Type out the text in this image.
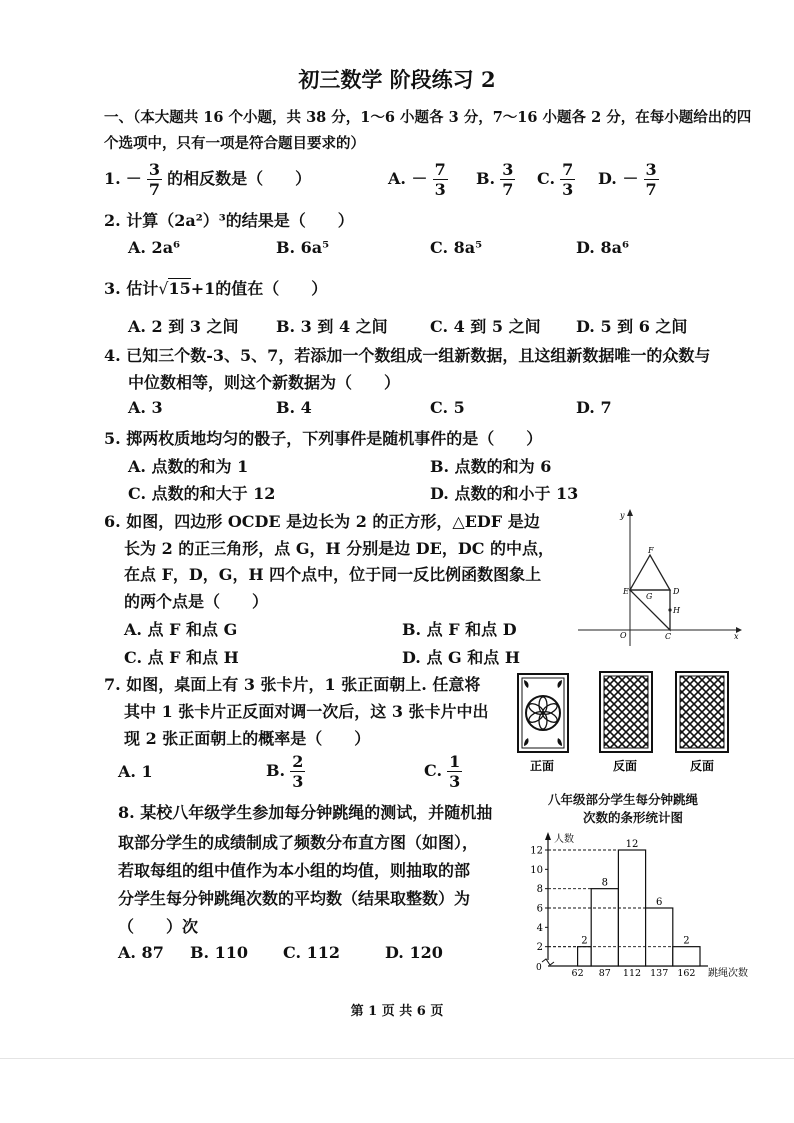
初三数学 阶段练习 2
一、（本大题共 16 个小题，共 38 分，1～6 小题各 3 分，7～16 小题各 2 分，在每小题给出的四
个选项中，只有一项是符合题目要求的）
1. － $\frac{3}{7}$ 的相反数是（　　）	A. － $\frac{7}{3} B$. $\frac{3}{7} C$. $\frac{7}{3} D$. － $\frac{3}{7}$
2. 计算（2a²）³的结果是（　　）
A. 2a⁶	B. 6a⁵	C. 8a⁵	D. 8a⁶
3. 估计√15+1的值在（　　）
A. 2 到 3 之间 B. 3 到 4 之间	C. 4 到 5 之间 D. 5 到 6 之间
4. 已知三个数-3、5、7，若添加一个数组成一组新数据，且这组新数据唯一的众数与
中位数相等，则这个新数据为（　　）
A. 3	B. 4	C. 5	D. 7
5. 掷两枚质地均匀的骰子，下列事件是随机事件的是（　　）
A. 点数的和为 1	B. 点数的和为 6
C. 点数的和大于 12	D. 点数的和小于 13
6. 如图，四边形 OCDE 是边长为 2 的正方形，△EDF 是边
长为 2 的正三角形，点 G，H 分别是边 DE，DC 的中点，
在点 F，D，G，H 四个点中，位于同一反比例函数图象上
的两个点是（　　）
A. 点 F 和点 G	B. 点 F 和点 D
C. 点 F 和点 H	D. 点 G 和点 H
y
x
O	C
D
E
F
G
H
7. 如图，桌面上有 3 张卡片，1 张正面朝上. 任意将
其中 1 张卡片正反面对调一次后，这 3 张卡片中出
现 2 张正面朝上的概率是（　　）
A. 1	B. $\frac{2}{3}$	C. $\frac{1}{3}$	正面	反面	反面
8. 某校八年级学生参加每分钟跳绳的测试，并随机抽
取部分学生的成绩制成了频数分布直方图（如图），
若取每组的组中值作为本小组的均值，则抽取的部
分学生每分钟跳绳次数的平均数（结果取整数）为
（　　）次
A. 87 B. 110 C. 112	D. 120
八年级部分学生每分钟跳绳
次数的条形统计图
人数
跳绳次数
0
2
4
6
8
10
12
2
8
12
6
2
62 87 112 137 162
第 1 页 共 6 页
